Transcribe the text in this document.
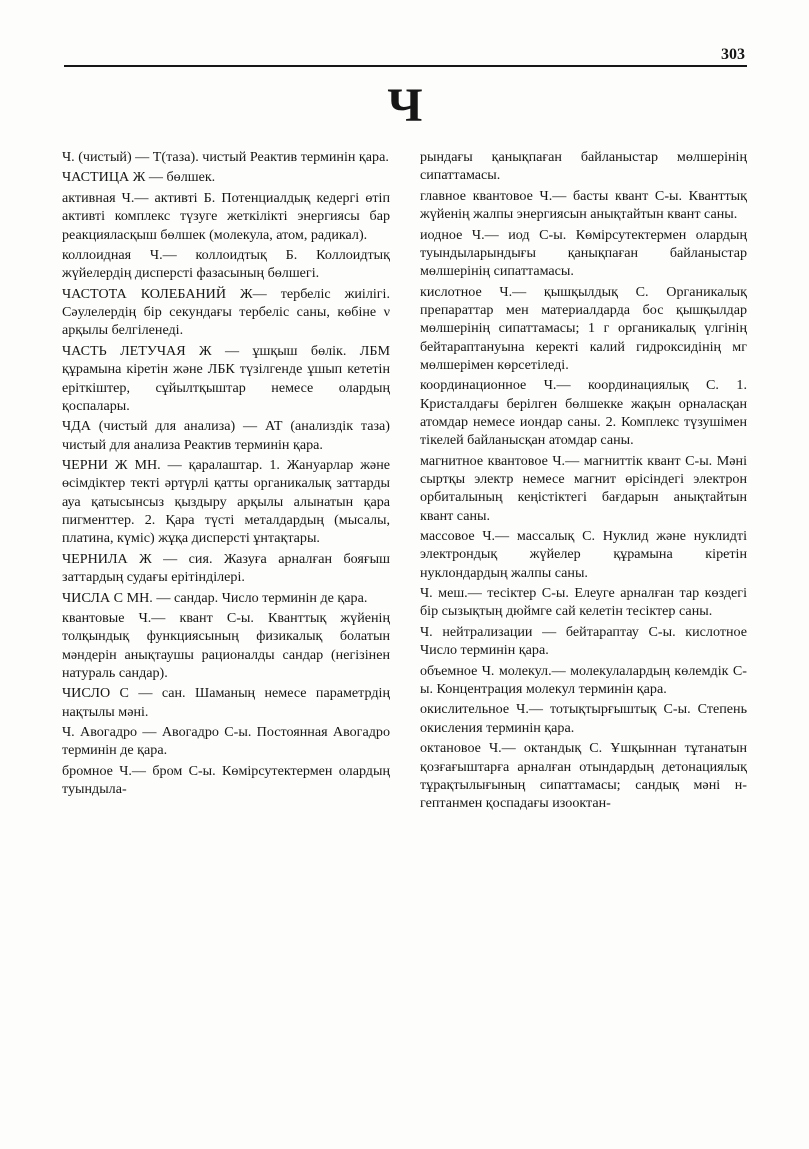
303
Ч

Ч. (чистый) — Т(таза). чистый Реактив терминін қара.

ЧАСТИЦА Ж — бөлшек.

активная Ч.— активті Б. Потенциалдық кедергі өтіп активті комплекс түзуге жеткілікті энергиясы бар реакцияласқыш бөлшек (молекула, атом, радикал).

коллоидная Ч.— коллоидтық Б. Коллоидтық жүйелердің дисперсті фазасының бөлшегі.

ЧАСТОТА КОЛЕБАНИЙ Ж— тербеліс жиілігі. Сәулелердің бір секундағы тербеліс саны, көбіне ν арқылы белгіленеді.

ЧАСТЬ ЛЕТУЧАЯ Ж — ұшқыш бөлік. ЛБМ құрамына кіретін және ЛБК түзілгенде ұшып кететін еріткіштер, сұйылтқыштар немесе олардың қоспалары.

ЧДА (чистый для анализа) — АТ (анализдік таза) чистый для анализа Реактив терминін қара.

ЧЕРНИ Ж МН. — қаралаштар. 1. Жануарлар және өсімдіктер текті әртүрлі қатты органикалық заттарды ауа қатысынсыз қыздыру арқылы алынатын қара пигменттер. 2. Қара түсті металдардың (мысалы, платина, күміс) жұқа дисперсті ұнтақтары.

ЧЕРНИЛА Ж — сия. Жазуға арналған бояғыш заттардың судағы ерітінділері.

ЧИСЛА С МН. — сандар. Число терминін де қара.

квантовые Ч.— квант С-ы. Кванттық жүйенің толқындық функциясының физикалық болатын мәндерін анықтаушы рационалды сандар (негізінен натураль сандар).

ЧИСЛО С — сан. Шаманың немесе параметрдің нақтылы мәні.

Ч. Авогадро — Авогадро С-ы. Постоянная Авогадро терминін де қара.

бромное Ч.— бром С-ы. Көмірсутектермен олардың туындыла-

рындағы қанықпаған байланыстар мөлшерінің сипаттамасы.

главное квантовое Ч.— басты квант С-ы. Кванттық жүйенің жалпы энергиясын анықтайтын квант саны.

иодное Ч.— иод С-ы. Көмірсутектермен олардың туындыларындығы қанықпаған байланыстар мөлшерінің сипаттамасы.

кислотное Ч.— қышқылдық С. Органикалық препараттар мен материалдарда бос қышқылдар мөлшерінің сипаттамасы; 1 г органикалық үлгінің бейтараптануына керекті калий гидроксидінің мг мөлшерімен көрсетіледі.

координационное Ч.— координациялық С. 1. Кристалдағы берілген бөлшекке жақын орналасқан атомдар немесе иондар саны. 2. Комплекс түзушімен тікелей байланысқан атомдар саны.

магнитное квантовое Ч.— магниттік квант С-ы. Мәні сыртқы электр немесе магнит өрісіндегі электрон орбиталының кеңістіктегі бағдарын анықтайтын квант саны.

массовое Ч.— массалық С. Нуклид және нуклидті электрондық жүйелер құрамына кіретін нуклондардың жалпы саны.

Ч. меш.— тесіктер С-ы. Елеуге арналған тар көздегі бір сызықтың дюймге сай келетін тесіктер саны.

Ч. нейтрализации — бейтараптау С-ы. кислотное Число терминін қара.

объемное Ч. молекул.— молекулалардың көлемдік С-ы. Концентрация молекул терминін қара.

окислительное Ч.— тотықтырғыштық С-ы. Степень окисления терминін қара.

октановое Ч.— октандық С. Ұшқыннан тұтанатын қозғағыштарға арналған отындардың детонациялық тұрақтылығының сипаттамасы; сандық мәні н-гептанмен қоспадағы изооктан-
